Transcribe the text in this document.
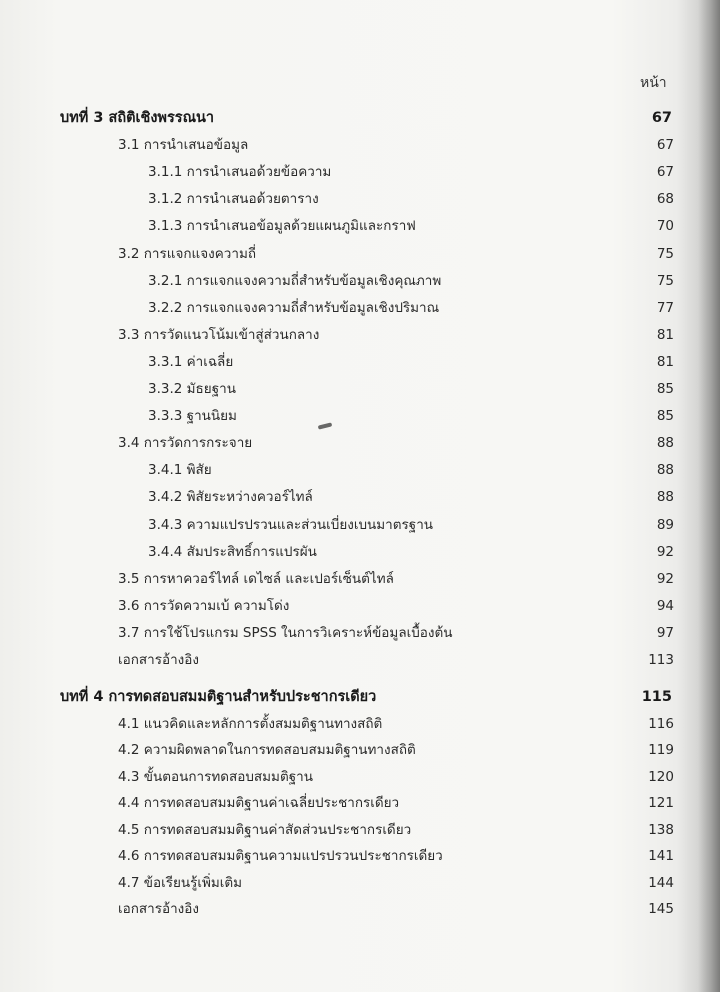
หน้า
บทที่ 3 สถิติเชิงพรรณนา	67
3.1 การนำเสนอข้อมูล	67
3.1.1 การนำเสนอด้วยข้อความ	67
3.1.2 การนำเสนอด้วยตาราง	68
3.1.3 การนำเสนอข้อมูลด้วยแผนภูมิและกราฟ	70
3.2 การแจกแจงความถี่	75
3.2.1 การแจกแจงความถี่สำหรับข้อมูลเชิงคุณภาพ	75
3.2.2 การแจกแจงความถี่สำหรับข้อมูลเชิงปริมาณ	77
3.3 การวัดแนวโน้มเข้าสู่ส่วนกลาง	81
3.3.1 ค่าเฉลี่ย	81
3.3.2 มัธยฐาน	85
3.3.3 ฐานนิยม	85
3.4 การวัดการกระจาย	88
3.4.1 พิสัย	88
3.4.2 พิสัยระหว่างควอร์ไทล์	88
3.4.3 ความแปรปรวนและส่วนเบี่ยงเบนมาตรฐาน	89
3.4.4 สัมประสิทธิ์การแปรผัน	92
3.5 การหาควอร์ไทล์ เดไซล์ และเปอร์เซ็นต์ไทล์	92
3.6 การวัดความเบ้ ความโด่ง	94
3.7 การใช้โปรแกรม SPSS ในการวิเคราะห์ข้อมูลเบื้องต้น	97
เอกสารอ้างอิง	113
บทที่ 4 การทดสอบสมมติฐานสำหรับประชากรเดียว	115
4.1 แนวคิดและหลักการตั้งสมมติฐานทางสถิติ	116
4.2 ความผิดพลาดในการทดสอบสมมติฐานทางสถิติ	119
4.3 ขั้นตอนการทดสอบสมมติฐาน	120
4.4 การทดสอบสมมติฐานค่าเฉลี่ยประชากรเดียว	121
4.5 การทดสอบสมมติฐานค่าสัดส่วนประชากรเดียว	138
4.6 การทดสอบสมมติฐานความแปรปรวนประชากรเดียว	141
4.7 ข้อเรียนรู้เพิ่มเติม	144
เอกสารอ้างอิง	145
